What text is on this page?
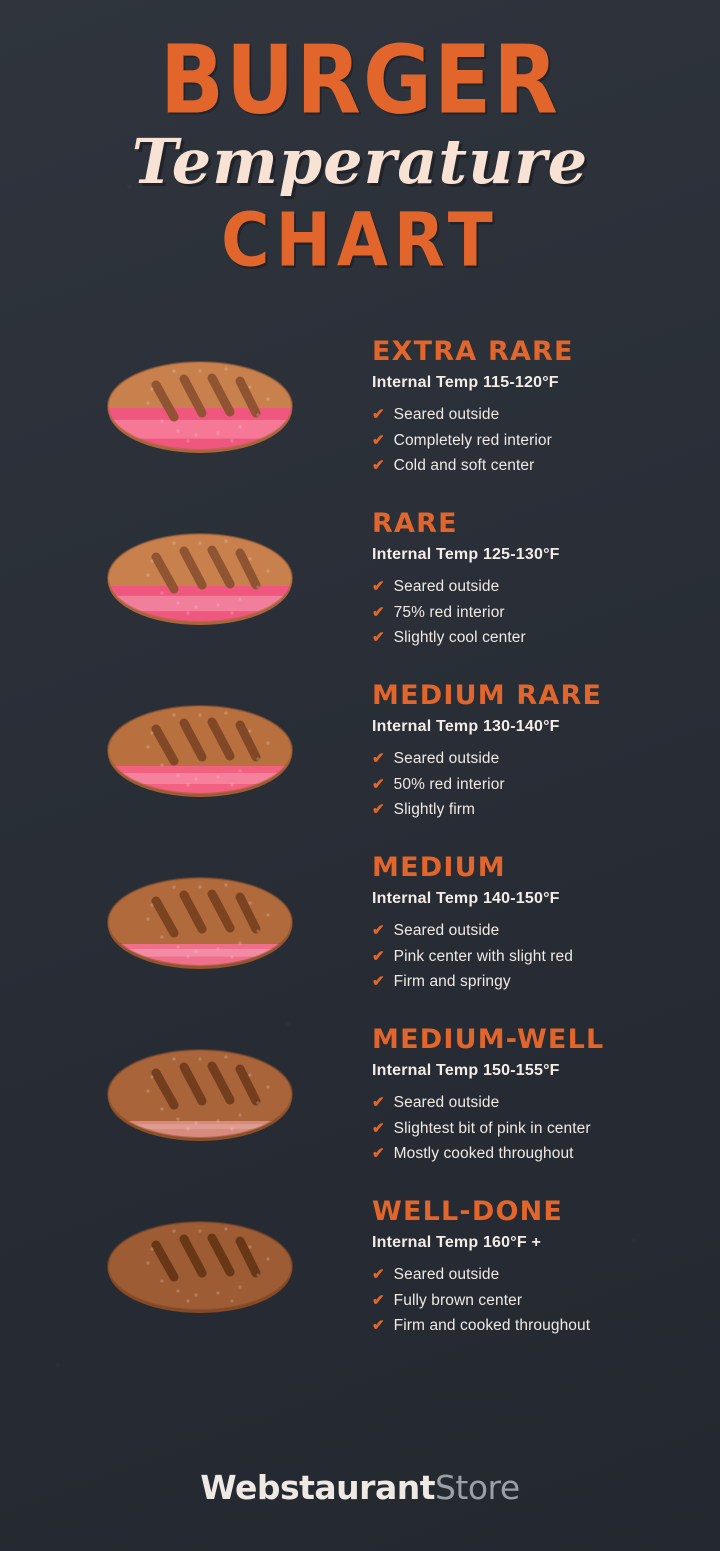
BURGER
Temperature
CHART
EXTRA RARE
Internal Temp 115-120°F
✔ Seared outside
✔ Completely red interior
✔ Cold and soft center
RARE
Internal Temp 125-130°F
✔ Seared outside
✔ 75% red interior
✔ Slightly cool center
MEDIUM RARE
Internal Temp 130-140°F
✔ Seared outside
✔ 50% red interior
✔ Slightly firm
MEDIUM
Internal Temp 140-150°F
✔ Seared outside
✔ Pink center with slight red
✔ Firm and springy
MEDIUM-WELL
Internal Temp 150-155°F
✔ Seared outside
✔ Slightest bit of pink in center
✔ Mostly cooked throughout
WELL-DONE
Internal Temp 160°F +
✔ Seared outside
✔ Fully brown center
✔ Firm and cooked throughout
WebstaurantStore
